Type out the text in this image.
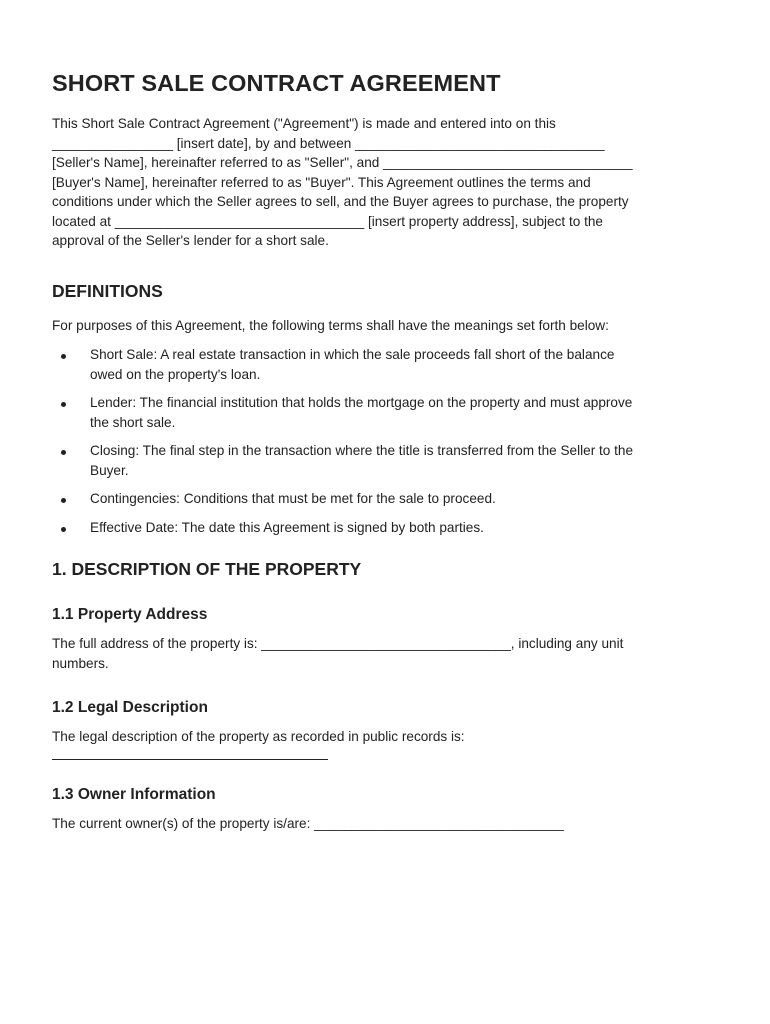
SHORT SALE CONTRACT AGREEMENT

This Short Sale Contract Agreement ("Agreement") is made and entered into on this

________________ [insert date], by and between _________________________________

[Seller's Name], hereinafter referred to as "Seller", and _________________________________

[Buyer's Name], hereinafter referred to as "Buyer". This Agreement outlines the terms and

conditions under which the Seller agrees to sell, and the Buyer agrees to purchase, the property

located at _________________________________ [insert property address], subject to the

approval of the Seller's lender for a short sale.

DEFINITIONS

For purposes of this Agreement, the following terms shall have the meanings set forth below:

Short Sale: A real estate transaction in which the sale proceeds fall short of the balance
owed on the property's loan.
Lender: The financial institution that holds the mortgage on the property and must approve
the short sale.
Closing: The final step in the transaction where the title is transferred from the Seller to the
Buyer.
Contingencies: Conditions that must be met for the sale to proceed.
Effective Date: The date this Agreement is signed by both parties.
1. DESCRIPTION OF THE PROPERTY
1.1 Property Address

The full address of the property is: _________________________________, including any unit
numbers.

1.2 Legal Description

The legal description of the property as recorded in public records is:

1.3 Owner Information

The current owner(s) of the property is/are: _________________________________
